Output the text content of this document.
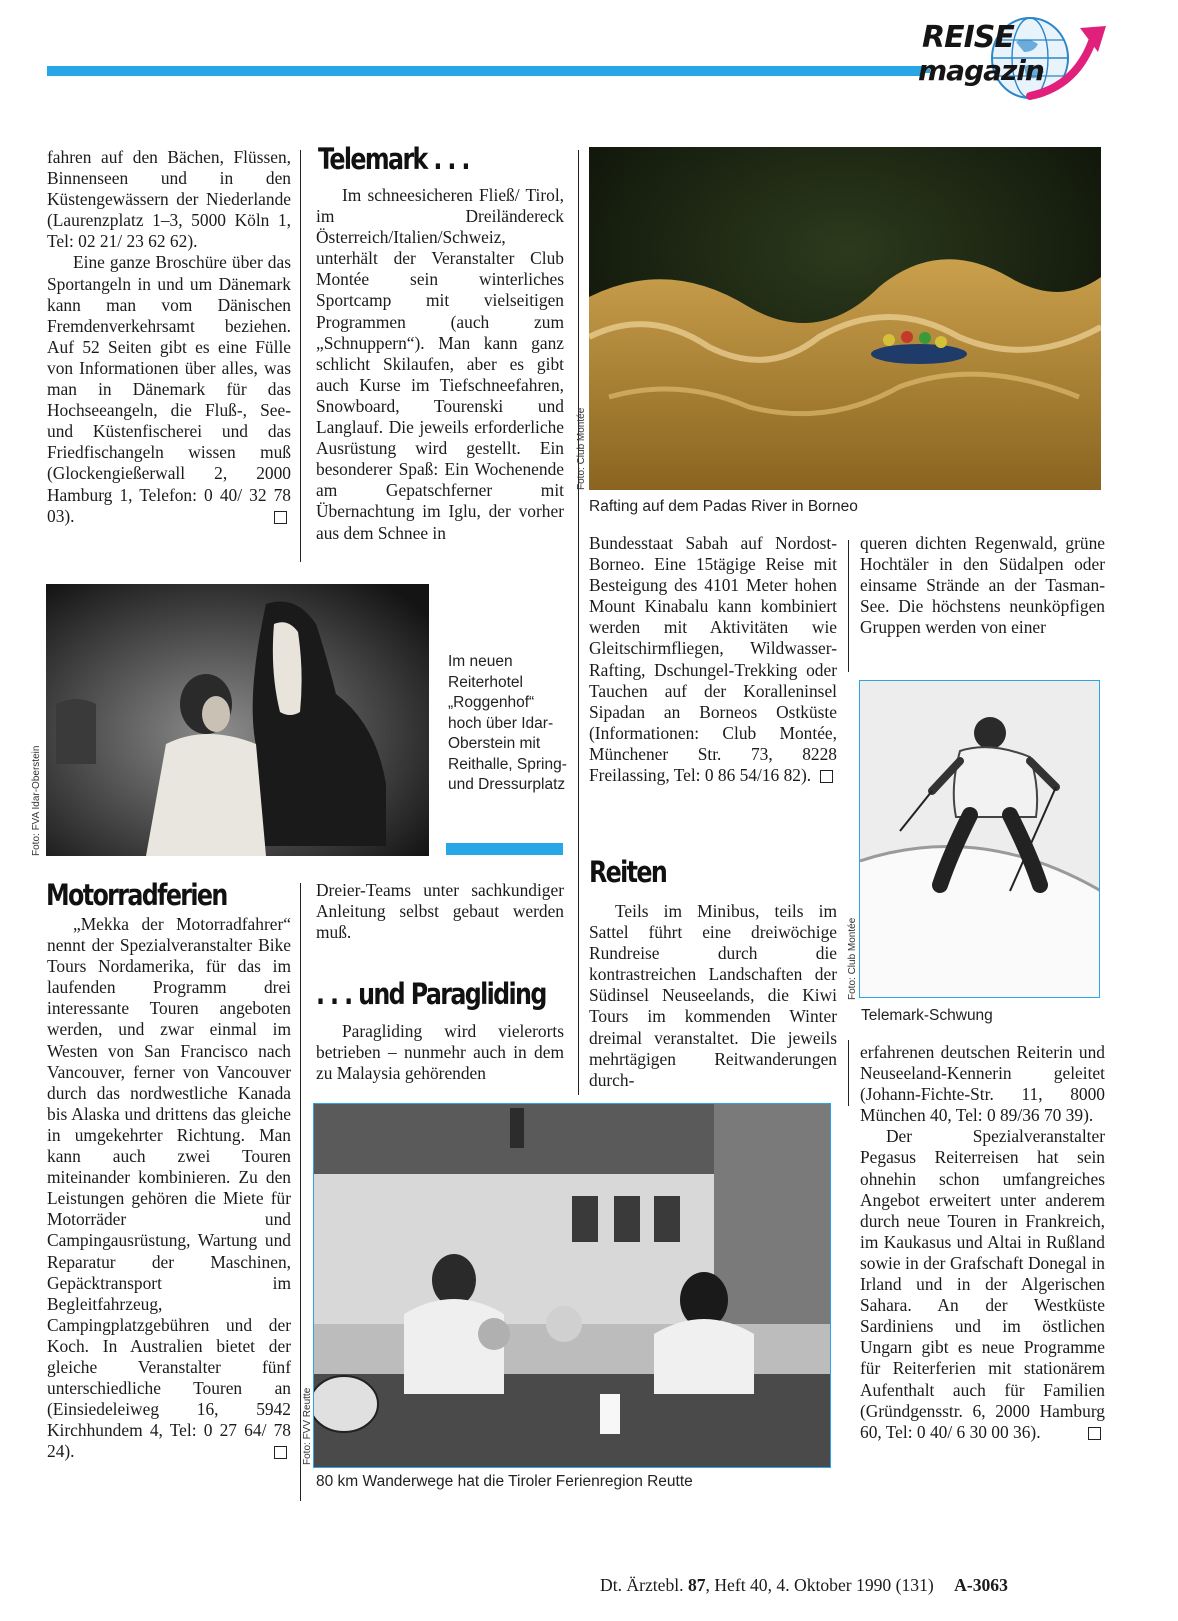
REISE
magazin

fahren auf den Bächen, Flüssen, Binnenseen und in den Küstengewässern der Niederlande (Laurenzplatz 1–3, 5000 Köln 1, Tel: 02 21/ 23 62 62).

Eine ganze Broschüre über das Sportangeln in und um Dänemark kann man vom Dänischen Fremdenverkehrsamt beziehen. Auf 52 Seiten gibt es eine Fülle von Informationen über alles, was man in Dänemark für das Hochseeangeln, die Fluß-, See- und Küstenfischerei und das Friedfischangeln wissen muß (Glockengießerwall 2, 2000 Hamburg 1, Telefon: 0 40/ 32 78 03).

Telemark . . .

Im schneesicheren Fließ/ Tirol, im Dreiländereck Österreich/Italien/Schweiz, unterhält der Veranstalter Club Montée sein winterliches Sportcamp mit vielseitigen Programmen (auch zum „Schnuppern“). Man kann ganz schlicht Skilaufen, aber es gibt auch Kurse im Tiefschneefahren, Snowboard, Tourenski und Langlauf. Die jeweils erforderliche Ausrüstung wird gestellt. Ein besonderer Spaß: Ein Wochenende am Gepatschferner mit Übernachtung im Iglu, der vorher aus dem Schnee in

Foto: Club Montée
Rafting auf dem Padas River in Borneo
Foto: FVA Idar-Oberstein
Im neuen Reiterhotel „Roggenhof“ hoch über Idar-Oberstein mit Reithalle, Spring- und Dressurplatz

Bundesstaat Sabah auf Nordost-Borneo. Eine 15tägige Reise mit Besteigung des 4101 Meter hohen Mount Kinabalu kann kombiniert werden mit Aktivitäten wie Gleitschirmfliegen, Wildwasser-Rafting, Dschungel-Trekking oder Tauchen auf der Koralleninsel Sipadan an Borneos Ostküste (Informationen: Club Montée, Münchener Str. 73, 8228 Freilassing, Tel: 0 86 54/16 82).

queren dichten Regenwald, grüne Hochtäler in den Südalpen oder einsame Strände an der Tasman-See. Die höchstens neunköpfigen Gruppen werden von einer

Foto: Club Montée
Telemark-Schwung
Motorradferien

„Mekka der Motorradfahrer“ nennt der Spezialveranstalter Bike Tours Nordamerika, für das im laufenden Programm drei interessante Touren angeboten werden, und zwar einmal im Westen von San Francisco nach Vancouver, ferner von Vancouver durch das nordwestliche Kanada bis Alaska und drittens das gleiche in umgekehrter Richtung. Man kann auch zwei Touren miteinander kombinieren. Zu den Leistungen gehören die Miete für Motorräder und Campingausrüstung, Wartung und Reparatur der Maschinen, Gepäcktransport im Begleitfahrzeug, Campingplatzgebühren und der Koch. In Australien bietet der gleiche Veranstalter fünf unterschiedliche Touren an (Einsiedeleiweg 16, 5942 Kirchhundem 4, Tel: 0 27 64/ 78 24).

Dreier-Teams unter sachkundiger Anleitung selbst gebaut werden muß.

. . . und Paragliding

Paragliding wird vielerorts betrieben – nunmehr auch in dem zu Malaysia gehörenden

Reiten

Teils im Minibus, teils im Sattel führt eine dreiwöchige Rundreise durch die kontrastreichen Landschaften der Südinsel Neuseelands, die Kiwi Tours im kommenden Winter dreimal veranstaltet. Die jeweils mehrtägigen Reitwanderungen durch-

erfahrenen deutschen Reiterin und Neuseeland-Kennerin geleitet (Johann-Fichte-Str. 11, 8000 München 40, Tel: 0 89/36 70 39).

Der Spezialveranstalter Pegasus Reiterreisen hat sein ohnehin schon umfangreiches Angebot erweitert unter anderem durch neue Touren in Frankreich, im Kaukasus und Altai in Rußland sowie in der Grafschaft Donegal in Irland und in der Algerischen Sahara. An der Westküste Sardiniens und im östlichen Ungarn gibt es neue Programme für Reiterferien mit stationärem Aufenthalt auch für Familien (Gründgensstr. 6, 2000 Hamburg 60, Tel: 0 40/ 6 30 00 36).

Foto: FVV Reutte
80 km Wanderwege hat die Tiroler Ferienregion Reutte
Dt. Ärztebl. 87, Heft 40, 4. Oktober 1990 (131) A-3063
